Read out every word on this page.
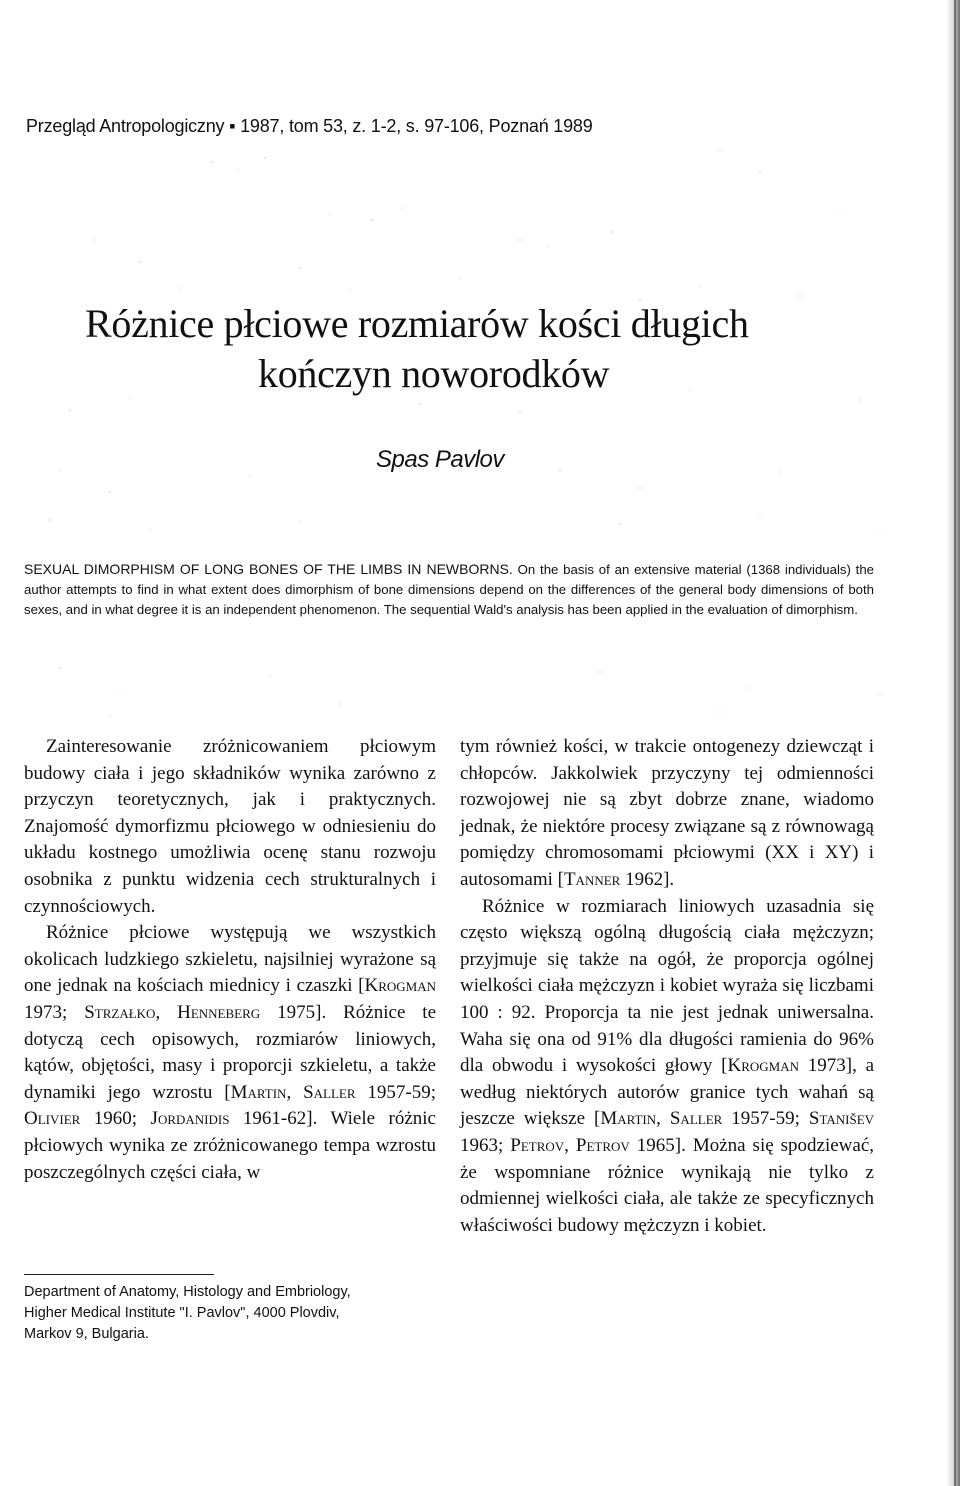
Przegląd Antropologiczny ▪ 1987, tom 53, z. 1-2, s. 97-106, Poznań 1989

Różnice płciowe rozmiarów kości długich
kończyn noworodków

Spas Pavlov

SEXUAL DIMORPHISM OF LONG BONES OF THE LIMBS IN NEWBORNS. On the basis of an extensive material (1368 individuals) the author attempts to find in what extent does dimorphism of bone dimensions depend on the differences of the general body dimensions of both sexes, and in what degree it is an independent phenomenon. The sequential Wald's analysis has been applied in the evaluation of dimorphism.

Zainteresowanie zróżnicowaniem płciowym budowy ciała i jego składników wynika zarówno z przyczyn teoretycznych, jak i praktycznych. Znajomość dymorfizmu płciowego w odniesieniu do układu kostnego umożliwia ocenę stanu rozwoju osobnika z punktu widzenia cech strukturalnych i czynnościowych.

Różnice płciowe występują we wszystkich okolicach ludzkiego szkieletu, najsilniej wyrażone są one jednak na kościach miednicy i czaszki [Krogman 1973; Strzałko, Henneberg 1975]. Różnice te dotyczą cech opisowych, rozmiarów liniowych, kątów, objętości, masy i proporcji szkieletu, a także dynamiki jego wzrostu [Martin, Saller 1957-59; Olivier 1960; Jordanidis 1961-62]. Wiele różnic płciowych wynika ze zróżnicowanego tempa wzrostu poszczególnych części ciała, w

tym również kości, w trakcie ontogenezy dziewcząt i chłopców. Jakkolwiek przyczyny tej odmienności rozwojowej nie są zbyt dobrze znane, wiadomo jednak, że niektóre procesy związane są z równowagą pomiędzy chromosomami płciowymi (XX i XY) i autosomami [Tanner 1962].

Różnice w rozmiarach liniowych uzasadnia się często większą ogólną długością ciała mężczyzn; przyjmuje się także na ogół, że proporcja ogólnej wielkości ciała mężczyzn i kobiet wyraża się liczbami 100 : 92. Proporcja ta nie jest jednak uniwersalna. Waha się ona od 91% dla długości ramienia do 96% dla obwodu i wysokości głowy [Krogman 1973], a według niektórych autorów granice tych wahań są jeszcze większe [Martin, Saller 1957-59; Stanišev 1963; Petrov, Petrov 1965]. Można się spodziewać, że wspomniane różnice wynikają nie tylko z odmiennej wielkości ciała, ale także ze specyficznych właściwości budowy mężczyzn i kobiet.

Department of Anatomy, Histology and Embriology,
Higher Medical Institute "I. Pavlov", 4000 Plovdiv,
Markov 9, Bulgaria.
